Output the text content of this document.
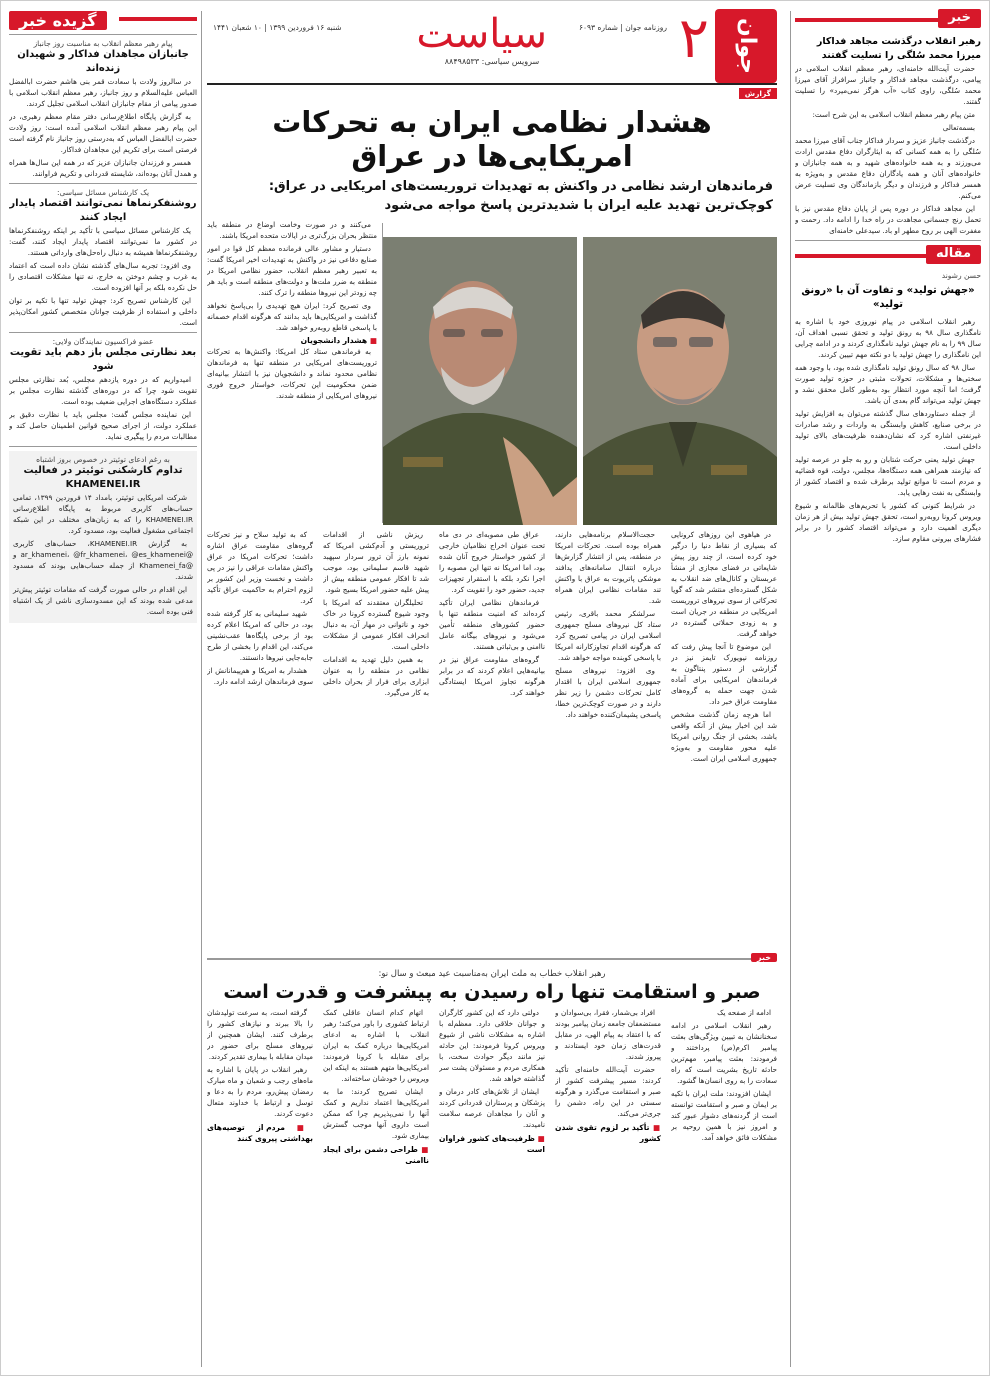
خبر
رهبر انقلاب درگذشت مجاهد فداکار میرزا محمد سُلگی را تسلیت گفتند

حضرت آیت‌الله خامنه‌ای، رهبر معظم انقلاب اسلامی در پیامی، درگذشت مجاهد فداکار و جانباز سرافراز آقای میرزا محمد سُلگی، راوی کتاب «آب هرگز نمی‌میرد» را تسلیت گفتند.

متن پیام رهبر معظم انقلاب اسلامی به این شرح است:

بسمه‌تعالی

درگذشت جانباز عزیز و سردار فداکار جناب آقای میرزا محمد سُلگی را به همه کسانی که به ایثارگران دفاع مقدس ارادت می‌ورزند و به همه خانواده‌های شهید و به همه جانبازان و خانواده‌های آنان و همه یادگاران دفاع مقدس و به‌ویژه به همسر فداکار و فرزندان و دیگر بازماندگان وی تسلیت عرض می‌کنم.

این مجاهد فداکار در دوره پس از پایان دفاع مقدس نیز با تحمل رنج جسمانی مجاهدت در راه خدا را ادامه داد. رحمت و مغفرت الهی بر روح مطهر او باد. سیدعلی خامنه‌ای

مقاله
حسن رشوند
«جهش تولید» و تفاوت آن با «رونق تولید»

رهبر انقلاب اسلامی در پیام نوروزی خود با اشاره به نامگذاری سال ۹۸ به رونق تولید و تحقق نسبی اهداف آن، سال ۹۹ را به نام جهش تولید نامگذاری کردند و در ادامه چرایی این نامگذاری را جهش تولید با دو نکته مهم تبیین کردند.

سال ۹۸ که سال رونق تولید نامگذاری شده بود، با وجود همه سختی‌ها و مشکلات، تحولات مثبتی در حوزه تولید صورت گرفت؛ اما آنچه مورد انتظار بود به‌طور کامل محقق نشد و جهش تولید می‌تواند گام بعدی آن باشد.

از جمله دستاوردهای سال گذشته می‌توان به افزایش تولید در برخی صنایع، کاهش وابستگی به واردات و رشد صادرات غیرنفتی اشاره کرد که نشان‌دهنده ظرفیت‌های بالای تولید داخلی است.

جهش تولید یعنی حرکت شتابان و رو به جلو در عرصه تولید که نیازمند همراهی همه دستگاه‌ها، مجلس، دولت، قوه قضائیه و مردم است تا موانع تولید برطرف شده و اقتصاد کشور از وابستگی به نفت رهایی یابد.

در شرایط کنونی که کشور با تحریم‌های ظالمانه و شیوع ویروس کرونا روبه‌رو است، تحقق جهش تولید بیش از هر زمان دیگری اهمیت دارد و می‌تواند اقتصاد کشور را در برابر فشارهای بیرونی مقاوم سازد.

جوان
۲
سیاست	روزنامه جوان | شماره ۶۰۹۳
شنبه ۱۶ فروردین ۱۳۹۹ | ۱۰ شعبان ۱۴۴۱
سرویس سیاسی: ۸۸۴۹۸۵۳۳
گزارش
هشدار نظامی ایران به تحرکات امریکایی‌ها در عراق
فرماندهان ارشد نظامی در واکنش به تهدیدات تروریست‌های امریکایی در عراق:
کوچک‌ترین تهدید علیه ایران با شدیدترین پاسخ مواجه می‌شود

می‌کنند و در صورت وخامت اوضاع در منطقه باید منتظر بحران بزرگ‌تری در ایالات متحده امریکا باشند.

دستیار و مشاور عالی فرمانده معظم کل قوا در امور صنایع دفاعی نیز در واکنش به تهدیدات اخیر امریکا گفت: به تعبیر رهبر معظم انقلاب، حضور نظامی امریکا در منطقه به ضرر ملت‌ها و دولت‌های منطقه است و باید هر چه زودتر این نیروها منطقه را ترک کنند.

وی تصریح کرد: ایران هیچ تهدیدی را بی‌پاسخ نخواهد گذاشت و امریکایی‌ها باید بدانند که هرگونه اقدام خصمانه با پاسخی قاطع روبه‌رو خواهد شد.

■ هشدار دانشجویان

به فرماندهی ستاد کل امریکا: واکنش‌ها به تحرکات تروریست‌های امریکایی در منطقه تنها به فرماندهان نظامی محدود نماند و دانشجویان نیز با انتشار بیانیه‌ای ضمن محکومیت این تحرکات، خواستار خروج فوری نیروهای امریکایی از منطقه شدند.

در هیاهوی این روزهای کرونایی که بسیاری از نقاط دنیا را درگیر خود کرده است، از چند روز پیش شایعاتی در فضای مجازی از منشأ عربستان و کانال‌های ضد انقلاب به شکل گسترده‌ای منتشر شد که گویا تحرکاتی از سوی نیروهای تروریست امریکایی در منطقه در جریان است و به زودی حملاتی گسترده در خواهد گرفت.

این موضوع تا آنجا پیش رفت که روزنامه نیویورک تایمز نیز در گزارشی از دستور پنتاگون به فرماندهان امریکایی برای آماده شدن جهت حمله به گروه‌های مقاومت عراق خبر داد.

اما هرچه زمان گذشت مشخص شد این اخبار بیش از آنکه واقعی باشد، بخشی از جنگ روانی امریکا علیه محور مقاومت و به‌ویژه جمهوری اسلامی ایران است.

حجت‌الاسلام برنامه‌هایی دارند، همراه بوده است. تحرکات امریکا در منطقه، پس از انتشار گزارش‌ها درباره انتقال سامانه‌های پدافند موشکی پاتریوت به عراق با واکنش تند مقامات نظامی ایران همراه شد.

سرلشکر محمد باقری، رئیس ستاد کل نیروهای مسلح جمهوری اسلامی ایران در پیامی تصریح کرد که هرگونه اقدام تجاوزکارانه امریکا با پاسخی کوبنده مواجه خواهد شد.

وی افزود: نیروهای مسلح جمهوری اسلامی ایران با اقتدار کامل تحرکات دشمن را زیر نظر دارند و در صورت کوچک‌ترین خطا، پاسخی پشیمان‌کننده خواهند داد.

عراق طی مصوبه‌ای در دی ماه تحت عنوان اخراج نظامیان خارجی از کشور خواستار خروج آنان شده بود، اما امریکا نه تنها این مصوبه را اجرا نکرد بلکه با استقرار تجهیزات جدید، حضور خود را تقویت کرد.

فرماندهان نظامی ایران تأکید کرده‌اند که امنیت منطقه تنها با حضور کشورهای منطقه تأمین می‌شود و نیروهای بیگانه عامل ناامنی و بی‌ثباتی هستند.

گروه‌های مقاومت عراق نیز در بیانیه‌هایی اعلام کردند که در برابر هرگونه تجاوز امریکا ایستادگی خواهند کرد.

ریزش ناشی از اقدامات تروریستی و آدم‌کشی امریکا که نمونه بارز آن ترور سردار سپهبد شهید قاسم سلیمانی بود، موجب شد تا افکار عمومی منطقه بیش از پیش علیه حضور امریکا بسیج شود.

تحلیلگران معتقدند که امریکا با وجود شیوع گسترده کرونا در خاک خود و ناتوانی در مهار آن، به دنبال انحراف افکار عمومی از مشکلات داخلی است.

به همین دلیل تهدید به اقدامات نظامی در منطقه را به عنوان ابزاری برای فرار از بحران داخلی به کار می‌گیرد.

که به تولید سلاح و نیز تحرکات گروه‌های مقاومت عراق اشاره داشت؛ تحرکات امریکا در عراق واکنش مقامات عراقی را نیز در پی داشت و نخست وزیر این کشور بر لزوم احترام به حاکمیت عراق تأکید کرد.

شهید سلیمانی به کار گرفته شده بود، در حالی که امریکا اعلام کرده بود از برخی پایگاه‌ها عقب‌نشینی می‌کند، این اقدام را بخشی از طرح جابه‌جایی نیروها دانستند.

هشدار به امریکا و هم‌پیمانانش از سوی فرماندهان ارشد ادامه دارد.

خبر
رهبر انقلاب خطاب به ملت ایران به‌مناسبت عید مبعث و سال نو:
صبر و استقامت تنها راه رسیدن به پیشرفت و قدرت است

ادامه از صفحه یک

رهبر انقلاب اسلامی در ادامه سخنانشان به تبیین ویژگی‌های بعثت پیامبر اکرم(ص) پرداختند و فرمودند: بعثت پیامبر، مهم‌ترین حادثه تاریخ بشریت است که راه سعادت را به روی انسان‌ها گشود.

ایشان افزودند: ملت ایران با تکیه بر ایمان و صبر و استقامت توانسته است از گردنه‌های دشوار عبور کند و امروز نیز با همین روحیه بر مشکلات فائق خواهد آمد.

افراد بی‌شمار، فقرا، بی‌سوادان و مستضعفان جامعه زمان پیامبر بودند که با اعتقاد به پیام الهی، در مقابل قدرت‌های زمان خود ایستادند و پیروز شدند.

حضرت آیت‌الله خامنه‌ای تأکید کردند: مسیر پیشرفت کشور از صبر و استقامت می‌گذرد و هرگونه سستی در این راه، دشمن را جری‌تر می‌کند.

■ تأکید بر لزوم تقوی شدن کشور

دولتی دارد که این کشور کارگران و جوانان خلاقی دارد. معظم‌له با اشاره به مشکلات ناشی از شیوع ویروس کرونا فرمودند: این حادثه نیز مانند دیگر حوادث سخت، با همکاری مردم و مسئولان پشت سر گذاشته خواهد شد.

ایشان از تلاش‌های کادر درمان و پزشکان و پرستاران قدردانی کردند و آنان را مجاهدان عرصه سلامت نامیدند.

■ ظرفیت‌های کشور فراوان است

اتهام کدام انسان عاقلی کمک ارتباط کشوری را باور می‌کند؛ رهبر انقلاب با اشاره به ادعای امریکایی‌ها درباره کمک به ایران برای مقابله با کرونا فرمودند: امریکایی‌ها متهم هستند به اینکه این ویروس را خودشان ساخته‌اند.

ایشان تصریح کردند: ما به امریکایی‌ها اعتماد نداریم و کمک آنها را نمی‌پذیریم چرا که ممکن است داروی آنها موجب گسترش بیماری شود.

■ طراحی دشمن برای ایجاد ناامنی

گرفته است، به سرعت تولیدشان را بالا ببرند و نیازهای کشور را برطرف کنند. ایشان همچنین از نیروهای مسلح برای حضور در میدان مقابله با بیماری تقدیر کردند.

رهبر انقلاب در پایان با اشاره به ماه‌های رجب و شعبان و ماه مبارک رمضان پیش‌رو، مردم را به دعا و توسل و ارتباط با خداوند متعال دعوت کردند.

■ مردم از توصیه‌های بهداشتی پیروی کنند
گزیده خبر
پیام رهبر معظم انقلاب به مناسبت روز جانباز
جانبازان مجاهدان فداکار و شهیدان زنده‌اند

در سالروز ولادت با سعادت قمر بنی هاشم حضرت ابالفضل العباس علیه‌السلام و روز جانباز، رهبر معظم انقلاب اسلامی با صدور پیامی از مقام جانبازان انقلاب اسلامی تجلیل کردند.

به گزارش پایگاه اطلاع‌رسانی دفتر مقام معظم رهبری، در این پیام رهبر معظم انقلاب اسلامی آمده است: روز ولادت حضرت ابالفضل العباس که به‌درستی روز جانباز نام گرفته است فرصتی است برای تکریم این مجاهدان فداکار.

همسر و فرزندان جانبازان عزیز که در همه این سال‌ها همراه و همدل آنان بوده‌اند، شایسته قدردانی و تکریم فراوانند.

یک کارشناس مسائل سیاسی:
روشنفکرنماها نمی‌توانند اقتصاد پایدار ایجاد کنند

یک کارشناس مسائل سیاسی با تأکید بر اینکه روشنفکرنماها در کشور ما نمی‌توانند اقتصاد پایدار ایجاد کنند، گفت: روشنفکرنماها همیشه به دنبال راه‌حل‌های وارداتی هستند.

وی افزود: تجربه سال‌های گذشته نشان داده است که اعتماد به غرب و چشم دوختن به خارج، نه تنها مشکلات اقتصادی را حل نکرده بلکه بر آنها افزوده است.

این کارشناس تصریح کرد: جهش تولید تنها با تکیه بر توان داخلی و استفاده از ظرفیت جوانان متخصص کشور امکان‌پذیر است.

عضو فراکسیون نمایندگان ولایی:
بعد نظارتی مجلس باز دهم باید تقویت شود

امیدواریم که در دوره یازدهم مجلس، بُعد نظارتی مجلس تقویت شود چرا که در دوره‌های گذشته نظارت مجلس بر عملکرد دستگاه‌های اجرایی ضعیف بوده است.

این نماینده مجلس گفت: مجلس باید با نظارت دقیق بر عملکرد دولت، از اجرای صحیح قوانین اطمینان حاصل کند و مطالبات مردم را پیگیری نماید.

به رغم ادعای توئیتر در خصوص بروز اشتباه
تداوم کارشکنی توئیتر در فعالیت KHAMENEI.IR

شرکت امریکایی توئیتر، بامداد ۱۴ فروردین ۱۳۹۹، تمامی حساب‌های کاربری مربوط به پایگاه اطلاع‌رسانی KHAMENEI.IR را که به زبان‌های مختلف در این شبکه اجتماعی مشغول فعالیت بود، مسدود کرد.

به گزارش KHAMENEI.IR، حساب‌های کاربری @ar_khamenei، @fr_khamenei، @es_khamenei و @Khamenei_fa از جمله حساب‌هایی بودند که مسدود شدند.

این اقدام در حالی صورت گرفت که مقامات توئیتر پیش‌تر مدعی شده بودند که این مسدودسازی ناشی از یک اشتباه فنی بوده است.
